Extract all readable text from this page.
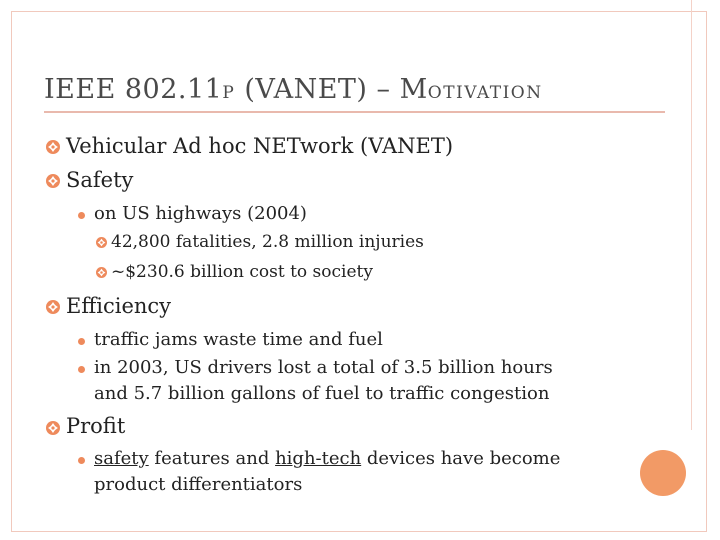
IEEE 802.11P (VANET) – MOTIVATION
Vehicular Ad hoc NETwork (VANET)
Safety
on US highways (2004)
42,800 fatalities, 2.8 million injuries
~$230.6 billion cost to society
Efficiency
traffic jams waste time and fuel
in 2003, US drivers lost a total of 3.5 billion hours
and 5.7 billion gallons of fuel to traffic congestion
Profit
safety features and high-tech devices have become
product differentiators
